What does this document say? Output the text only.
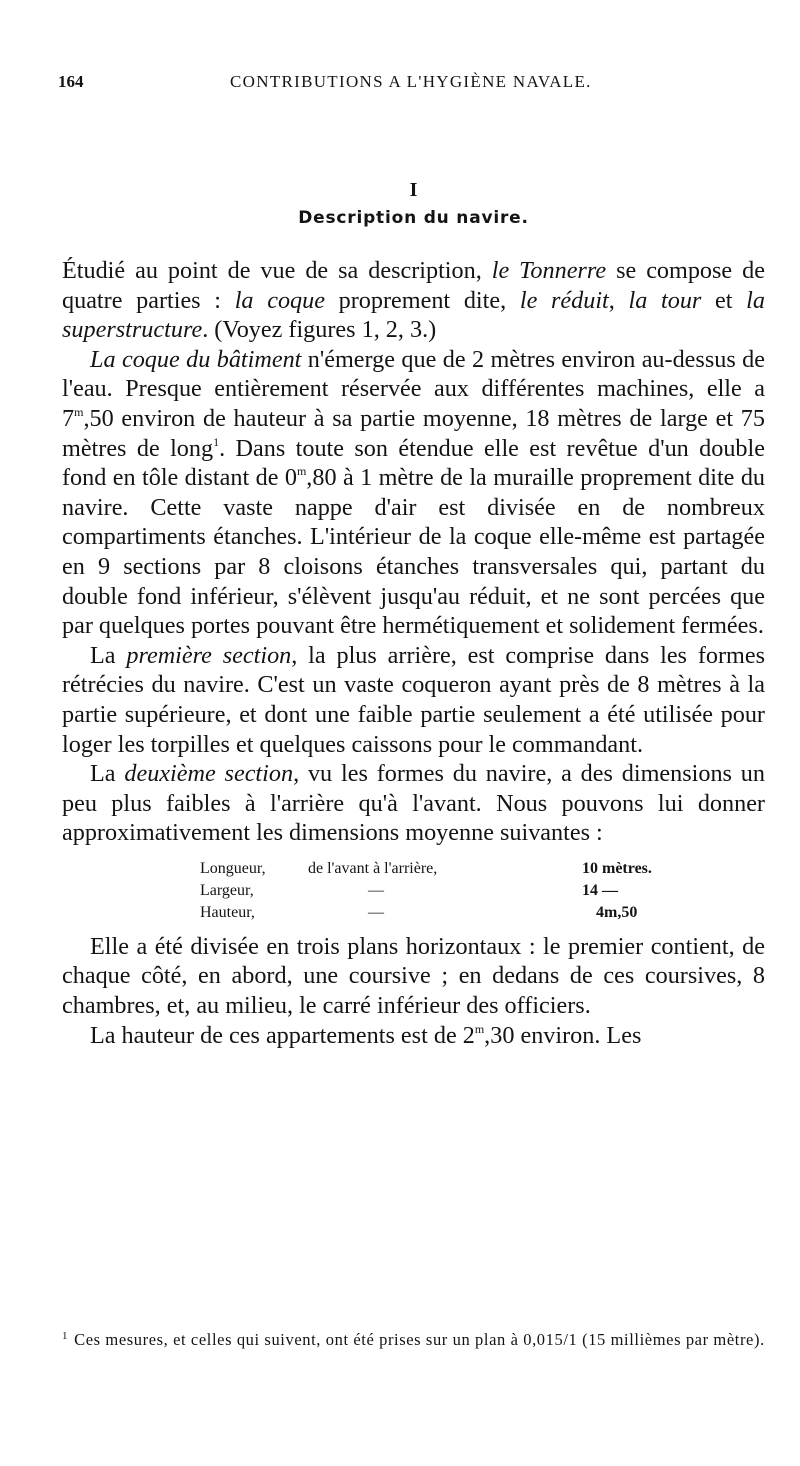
164	CONTRIBUTIONS A L'HYGIÈNE NAVALE.
I
Description du navire.

Étudié au point de vue de sa description, le Tonnerre se compose de quatre parties : la coque proprement dite, le réduit, la tour et la superstructure. (Voyez figures 1, 2, 3.)

La coque du bâtiment n'émerge que de 2 mètres environ au-dessus de l'eau. Presque entièrement réservée aux différentes machines, elle a 7$^m$,50 environ de hauteur à sa partie moyenne, 18 mètres de large et 75 mètres de long$^1$. Dans toute son étendue elle est revêtue d'un double fond en tôle distant de 0$^m$,80 à 1 mètre de la muraille proprement dite du navire. Cette vaste nappe d'air est divisée en de nombreux compartiments étanches. L'intérieur de la coque elle-même est partagée en 9 sections par 8 cloisons étanches transversales qui, partant du double fond inférieur, s'élèvent jusqu'au réduit, et ne sont percées que par quelques portes pouvant être hermétiquement et solidement fermées.

La première section, la plus arrière, est comprise dans les formes rétrécies du navire. C'est un vaste coqueron ayant près de 8 mètres à la partie supérieure, et dont une faible partie seulement a été utilisée pour loger les torpilles et quelques caissons pour le commandant.

La deuxième section, vu les formes du navire, a des dimensions un peu plus faibles à l'arrière qu'à l'avant. Nous pouvons lui donner approximativement les dimensions moyenne suivantes :

Longueur,	de l'avant à l'arrière,	10 mètres.
Largeur,	—	14 —
Hauteur,	—	4m,50

Elle a été divisée en trois plans horizontaux : le premier contient, de chaque côté, en abord, une coursive ; en dedans de ces coursives, 8 chambres, et, au milieu, le carré inférieur des officiers.

La hauteur de ces appartements est de 2$^m$,30 environ. Les

$^1$ Ces mesures, et celles qui suivent, ont été prises sur un plan à 0,015/1 (15 millièmes par mètre).
